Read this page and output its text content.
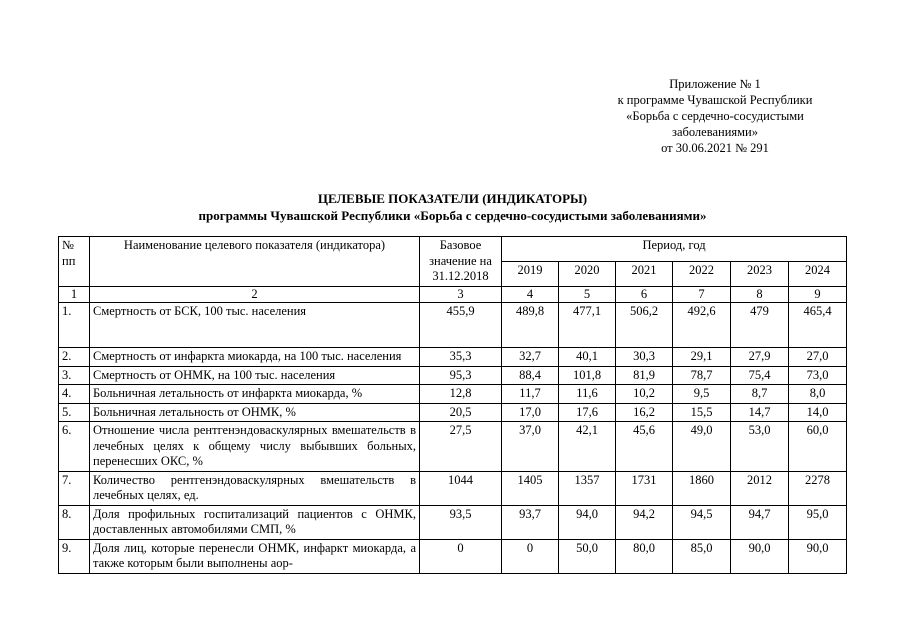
Приложение № 1
к программе Чувашской Республики
«Борьба с сердечно-сосудистыми
заболеваниями»
от 30.06.2021 № 291
ЦЕЛЕВЫЕ ПОКАЗАТЕЛИ (ИНДИКАТОРЫ)
программы Чувашской Республики «Борьба с сердечно-сосудистыми заболеваниями»
№ пп	Наименование целевого показателя (индикатора)	Базовое значение на 31.12.2018	Период, год					
			2019	2020	2021	2022	2023	2024
1	2	3	4	5	6	7	8	9
1.	Смертность от БСК, 100 тыс. населения	455,9	489,8	477,1	506,2	492,6	479	465,4
2.	Смертность от инфаркта миокарда, на 100 тыс. населения	35,3	32,7	40,1	30,3	29,1	27,9	27,0
3.	Смертность от ОНМК, на 100 тыс. населения	95,3	88,4	101,8	81,9	78,7	75,4	73,0
4.	Больничная летальность от инфаркта миокарда, %	12,8	11,7	11,6	10,2	9,5	8,7	8,0
5.	Больничная летальность от ОНМК, %	20,5	17,0	17,6	16,2	15,5	14,7	14,0
6.	Отношение числа рентгенэндоваскулярных вмешательств в лечебных целях к общему числу выбывших больных, перенесших ОКС, %	27,5	37,0	42,1	45,6	49,0	53,0	60,0
7.	Количество рентгенэндоваскулярных вмешательств в лечебных целях, ед.	1044	1405	1357	1731	1860	2012	2278
8.	Доля профильных госпитализаций пациентов с ОНМК, доставленных автомобилями СМП, %	93,5	93,7	94,0	94,2	94,5	94,7	95,0
9.	Доля лиц, которые перенесли ОНМК, инфаркт миокарда, а также которым были выполнены аор-	0	0	50,0	80,0	85,0	90,0	90,0
